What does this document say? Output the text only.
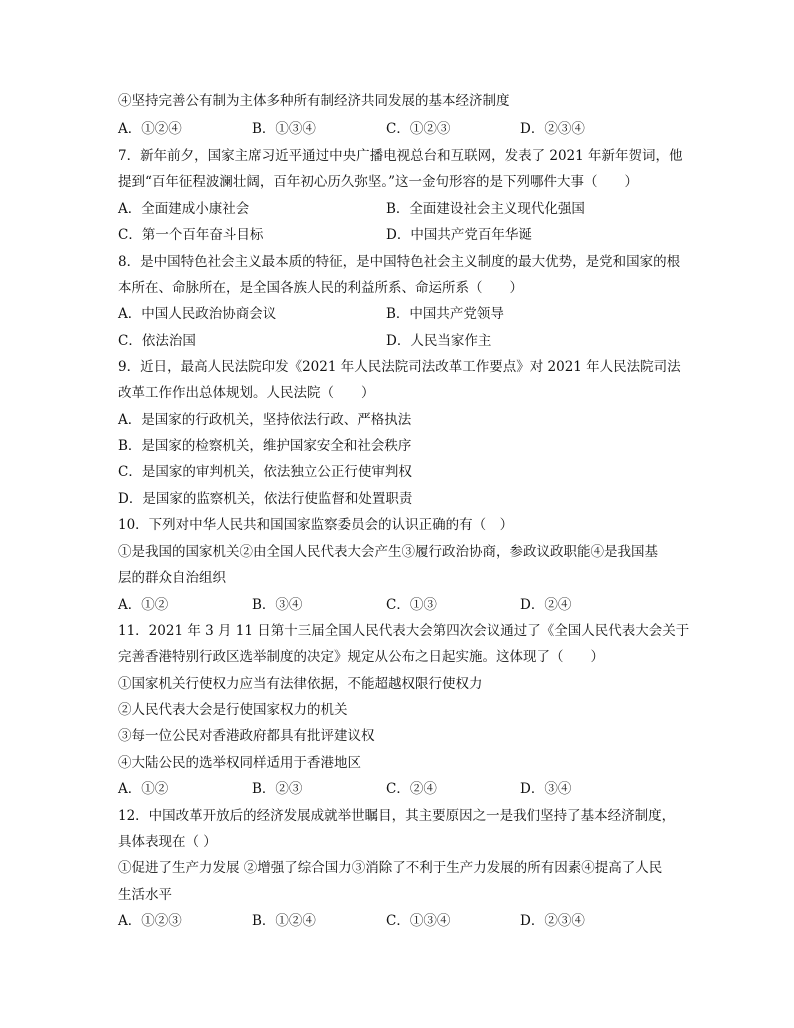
④坚持完善公有制为主体多种所有制经济共同发展的基本经济制度
A．①②④	B．①③④	C．①②③	D．②③④
7．新年前夕，国家主席习近平通过中央广播电视总台和互联网，发表了 2021 年新年贺词，他
提到“百年征程波澜壮阔，百年初心历久弥坚。”这一金句形容的是下列哪件大事（　　）
A．全面建成小康社会	B．全面建设社会主义现代化强国
C．第一个百年奋斗目标	D．中国共产党百年华诞
8．是中国特色社会主义最本质的特征，是中国特色社会主义制度的最大优势，是党和国家的根
本所在、命脉所在，是全国各族人民的利益所系、命运所系（　　）
A．中国人民政治协商会议	B．中国共产党领导
C．依法治国	D．人民当家作主
9．近日，最高人民法院印发《2021 年人民法院司法改革工作要点》对 2021 年人民法院司法
改革工作作出总体规划。人民法院（　　）
A．是国家的行政机关，坚持依法行政、严格执法
B．是国家的检察机关，维护国家安全和社会秩序
C．是国家的审判机关，依法独立公正行使审判权
D．是国家的监察机关，依法行使监督和处置职责
10．下列对中华人民共和国国家监察委员会的认识正确的有（　）
①是我国的国家机关②由全国人民代表大会产生③履行政治协商，参政议政职能④是我国基
层的群众自治组织
A．①②	B．③④	C．①③	D．②④
11．2021 年 3 月 11 日第十三届全国人民代表大会第四次会议通过了《全国人民代表大会关于
完善香港特别行政区选举制度的决定》规定从公布之日起实施。这体现了（　　）
①国家机关行使权力应当有法律依据，不能超越权限行使权力
②人民代表大会是行使国家权力的机关
③每一位公民对香港政府都具有批评建议权
④大陆公民的选举权同样适用于香港地区
A．①②	B．②③	C．②④	D．③④
12．中国改革开放后的经济发展成就举世瞩目，其主要原因之一是我们坚持了基本经济制度，
具体表现在（ ）
①促进了生产力发展 ②增强了综合国力③消除了不利于生产力发展的所有因素④提高了人民
生活水平
A．①②③	B．①②④	C．①③④	D．②③④
